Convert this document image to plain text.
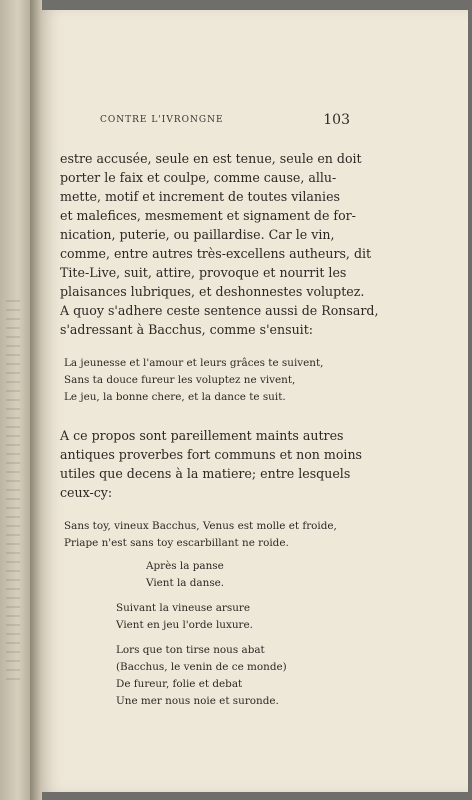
CONTRE L'IVRONGNE	103

estre accusée, seule en est tenue, seule en doit

porter le faix et coulpe, comme cause, allu-

mette, motif et increment de toutes vilanies

et malefices, mesmement et signament de for-

nication, puterie, ou paillardise. Car le vin,

comme, entre autres très-excellens autheurs, dit

Tite-Live, suit, attire, provoque et nourrit les

plaisances lubriques, et deshonnestes voluptez.

A quoy s'adhere ceste sentence aussi de Ronsard,

s'adressant à Bacchus, comme s'ensuit:

La jeunesse et l'amour et leurs grâces te suivent,
Sans ta douce fureur les voluptez ne vivent,
Le jeu, la bonne chere, et la dance te suit.

A ce propos sont pareillement maints autres

antiques proverbes fort communs et non moins

utiles que decens à la matiere; entre lesquels

ceux-cy:

Sans toy, vineux Bacchus, Venus est molle et froide,
Priape n'est sans toy escarbillant ne roide.
Après la panse
Vient la danse.
Suivant la vineuse arsure
Vient en jeu l'orde luxure.
Lors que ton tirse nous abat
(Bacchus, le venin de ce monde)
De fureur, folie et debat
Une mer nous noie et suronde.
